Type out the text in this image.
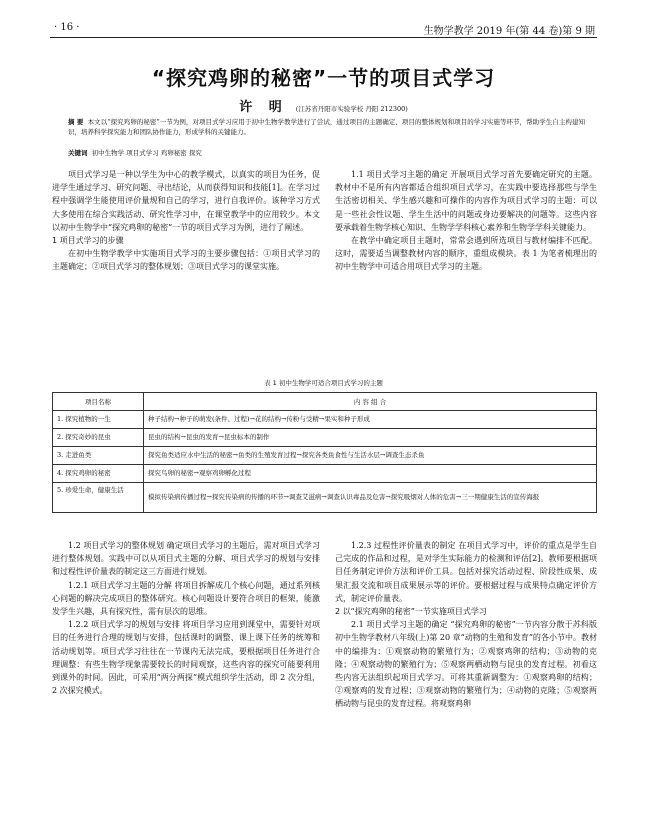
· 16 ·	生物学教学 2019 年(第 44 卷)第 9 期
“探究鸡卵的秘密”一节的项目式学习
许 明 (江苏省丹阳市实验学校 丹阳 212300)
摘 要 本文以“探究鸡卵的秘密”一节为例，对项目式学习应用于初中生物学教学进行了尝试，通过项目的主题确定、项目的整体规划和项目的学习实施等环节，帮助学生自主构建知识，培养科学探究能力和团队协作能力，形成学科的关键能力。
关键词 初中生物学 项目式学习 鸡卵秘密 探究

项目式学习是一种以学生为中心的教学模式，以真实的项目为任务，促进学生通过学习、研究问题、寻出结论，从而获得知识和技能[1]。在学习过程中强调学生能使用评价量规和自己的学习，进行自我评价。该种学习方式大多使用在综合实践活动、研究性学习中，在课堂教学中的应用较少。本文以初中生物学中“探究鸡卵的秘密”一节的项目式学习为例，进行了阐述。

1 项目式学习的步骤

在初中生物学教学中实施项目式学习的主要步骤包括：①项目式学习的主题确定；②项目式学习的整体规划；③项目式学习的课堂实施。

1.1 项目式学习主题的确定 开展项目式学习首先要确定研究的主题。教材中不是所有内容都适合组织项目式学习，在实践中要选择那些与学生生活密切相关、学生感兴趣和可操作的内容作为项目式学习的主题：可以是一些社会性议题、学生生活中的问题或身边要解决的问题等。这些内容要承载着生物学核心知识、生物学学科核心素养和生物学学科关键能力。

在教学中确定项目主题时，常常会遇到所选项目与教材编排不匹配。这时，需要适当调整教材内容的顺序，重组成模块。表 1 为笔者梳理出的初中生物学中可适合用项目式学习的主题。

表 1 初中生物学可适合项目式学习的主题
项目名称	内 容 组 合
1. 探究植物的一生	种子结构→种子的萌发(条件、过程)→花的结构→传粉与受精→果实和种子形成
2. 探究奇妙的昆虫	昆虫的结构→昆虫的发育→昆虫标本的制作
3. 走进鱼类	探究鱼类适应水中生活的秘密→鱼类的生殖发育过程→探究各类鱼食性与生活水层→调查生态杀鱼
4. 探究鸡卵的秘密	探究鸟卵的秘密→观察鸡卵孵化过程
5. 珍爱生命，健康生活	模拟传染病传播过程→探究传染病的传播的环节→调查艾滋病→调查认识毒品及危害→探究吸烟对人体的危害→三一期健康生活的宣传海报

1.2 项目式学习的整体规划 确定项目式学习的主题后，需对项目式学习进行整体规划。实践中可以从项目式主题的分解、项目式学习的规划与安排和过程性评价量表的制定这三方面进行规划。

1.2.1 项目式学习主题的分解 将项目拆解成几个核心问题，通过系列核心问题的解决完成项目的整体研究。核心问题设计要符合项目的框架，能激发学生兴趣，具有探究性，需有层次的思维。

1.2.2 项目式学习的规划与安排 将项目学习应用到课堂中，需要针对项目的任务进行合理的规划与安排，包括课时的调整、课上课下任务的统筹和活动规划等。项目式学习往往在一节课内无法完成，要根据项目任务进行合理调整：有些生物学现象需要较长的时间观察，这些内容的探究可能要利用到课外的时间。因此，可采用“两分两探”模式组织学生活动，即 2 次分组，2 次探究模式。

1.2.3 过程性评价量表的制定 在项目式学习中，评价的重点是学生自己完成的作品和过程，是对学生实际能力的检测和评估[2]。教师要根据项目任务制定评价方法和评价工具。包括对探究活动过程、阶段性成果、成果汇报交流和项目成果展示等的评价。要根据过程与成果特点确定评价方式，制定评价量表。

2 以“探究鸡卵的秘密”一节实施项目式学习

2.1 项目式学习主题的确定 “探究鸡卵的秘密”一节内容分散于苏科版初中生物学教材八年级(上)第 20 章“动物的生殖和发育”的各小节中。教材中的编排为：①观察动物的繁殖行为；②观察鸡卵的结构；③动物的克隆；④观察动物的繁殖行为；⑤观察两栖动物与昆虫的发育过程。初看这些内容无法组织起项目式学习。可将其重新调整为：①观察鸡卵的结构；②观察鸡的发育过程；③观察动物的繁殖行为；④动物的克隆；⑤观察两栖动物与昆虫的发育过程。将观察鸡卵
